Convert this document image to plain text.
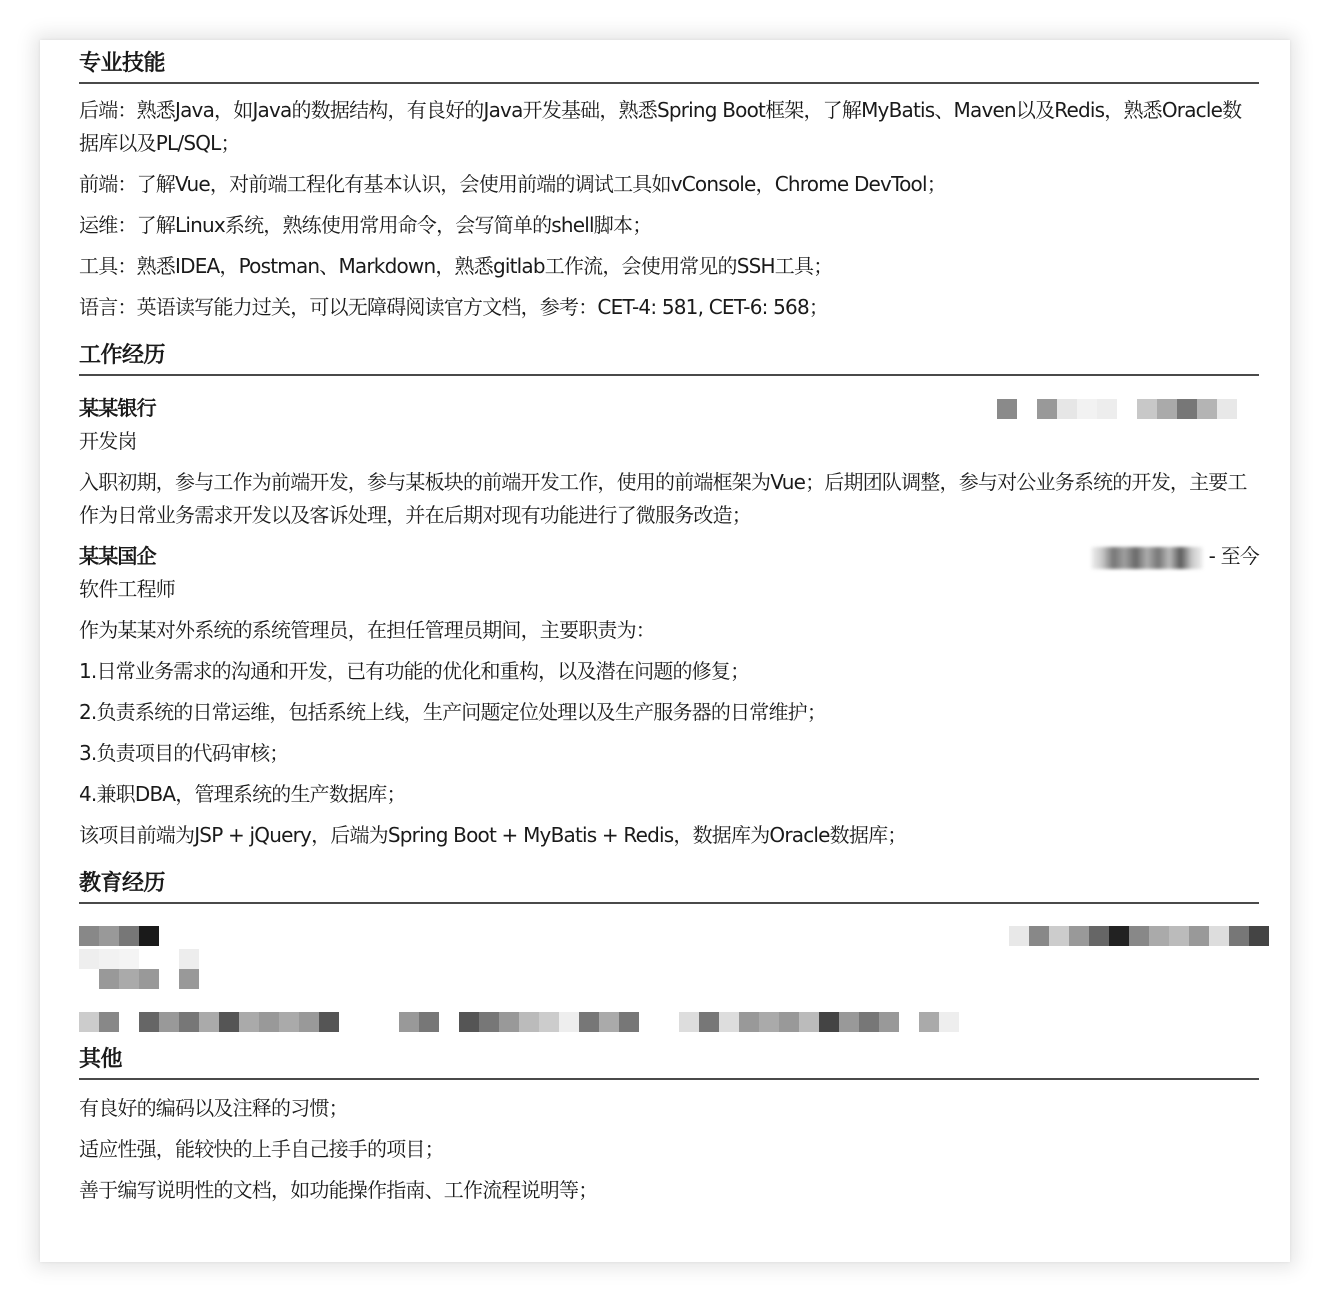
专业技能

后端：熟悉Java，如Java的数据结构，有良好的Java开发基础，熟悉Spring Boot框架，了解MyBatis、Maven以及Redis，熟悉Oracle数据库以及PL/SQL；

前端：了解Vue，对前端工程化有基本认识，会使用前端的调试工具如vConsole，Chrome DevTool；

运维：了解Linux系统，熟练使用常用命令，会写简单的shell脚本；

工具：熟悉IDEA，Postman、Markdown，熟悉gitlab工作流，会使用常见的SSH工具；

语言：英语读写能力过关，可以无障碍阅读官方文档，参考：CET-4: 581, CET-6: 568；

工作经历
某某银行

开发岗

入职初期，参与工作为前端开发，参与某板块的前端开发工作，使用的前端框架为Vue；后期团队调整，参与对公业务系统的开发，主要工作为日常业务需求开发以及客诉处理，并在后期对现有功能进行了微服务改造；

某某国企	- 至今

软件工程师

作为某某对外系统的系统管理员，在担任管理员期间，主要职责为：

1.日常业务需求的沟通和开发，已有功能的优化和重构，以及潜在问题的修复；

2.负责系统的日常运维，包括系统上线，生产问题定位处理以及生产服务器的日常维护；

3.负责项目的代码审核；

4.兼职DBA，管理系统的生产数据库；

该项目前端为JSP + jQuery，后端为Spring Boot + MyBatis + Redis，数据库为Oracle数据库；

教育经历
其他

有良好的编码以及注释的习惯；

适应性强，能较快的上手自己接手的项目；

善于编写说明性的文档，如功能操作指南、工作流程说明等；
